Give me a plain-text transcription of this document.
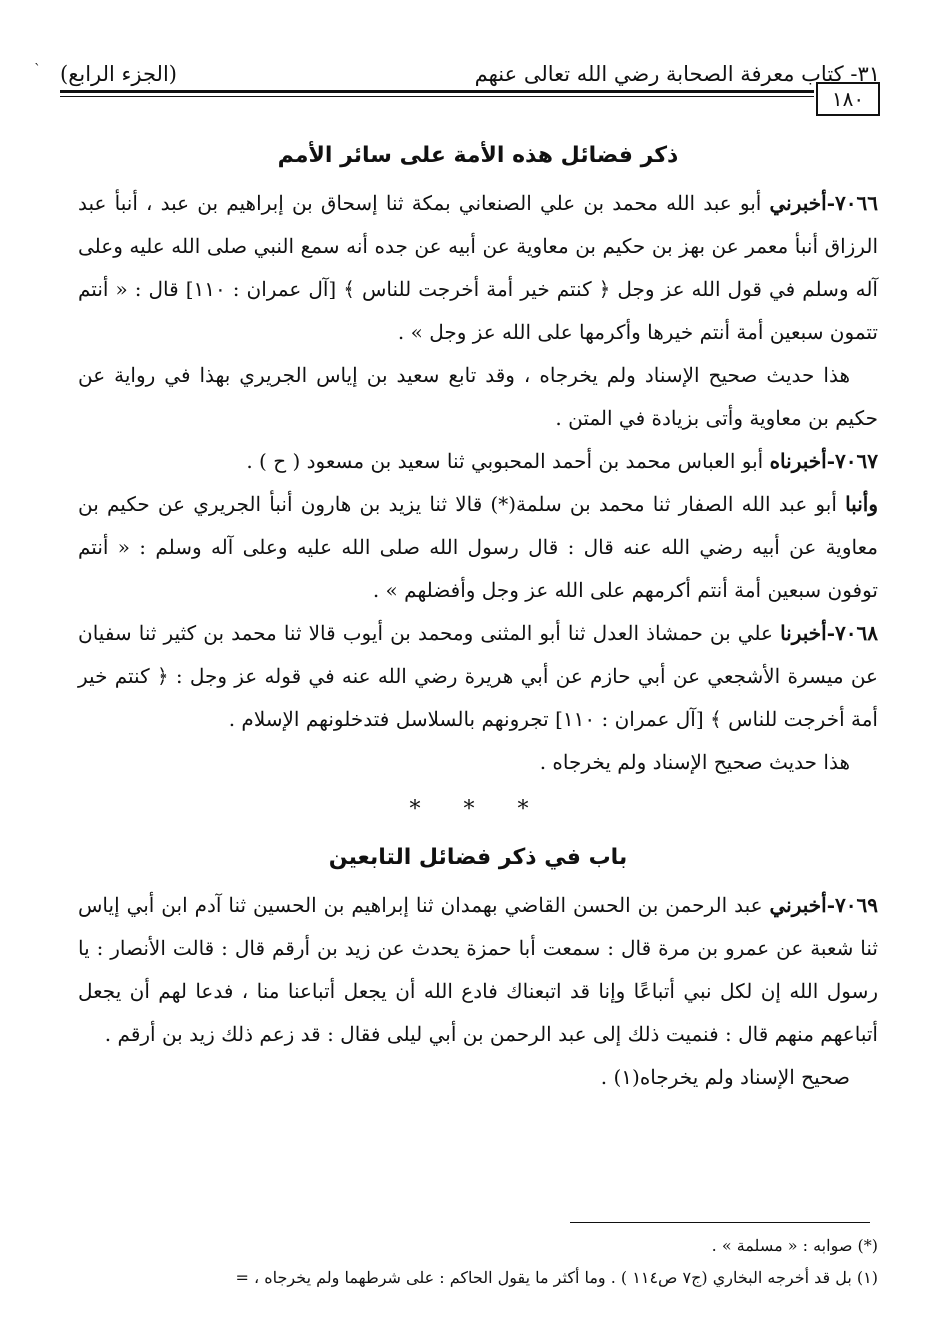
ˋ	٣١- كتاب معرفة الصحابة رضي الله تعالى عنهم
(الجزء الرابع)
١٨٠
ذكر فضائل هذه الأمة على سائر الأمم

٧٠٦٦-أخبرني أبو عبد الله محمد بن علي الصنعاني بمكة ثنا إسحاق بن إبراهيم بن عبد ، أنبأ عبد الرزاق أنبأ معمر عن بهز بن حكيم بن معاوية عن أبيه عن جده أنه سمع النبي صلى الله عليه وعلى آله وسلم في قول الله عز وجل ﴿ كنتم خير أمة أخرجت للناس ﴾ [آل عمران : ١١٠] قال : « أنتم تتمون سبعين أمة أنتم خيرها وأكرمها على الله عز وجل » .

هذا حديث صحيح الإسناد ولم يخرجاه ، وقد تابع سعيد بن إياس الجريري بهذا في رواية عن حكيم بن معاوية وأتى بزيادة في المتن .

٧٠٦٧-أخبرناه أبو العباس محمد بن أحمد المحبوبي ثنا سعيد بن مسعود ( ح ) .

وأنبا أبو عبد الله الصفار ثنا محمد بن سلمة(*) قالا ثنا يزيد بن هارون أنبأ الجريري عن حكيم بن معاوية عن أبيه رضي الله عنه قال : قال رسول الله صلى الله عليه وعلى آله وسلم : « أنتم توفون سبعين أمة أنتم أكرمهم على الله عز وجل وأفضلهم » .

٧٠٦٨-أخبرنا علي بن حمشاذ العدل ثنا أبو المثنى ومحمد بن أيوب قالا ثنا محمد بن كثير ثنا سفيان عن ميسرة الأشجعي عن أبي حازم عن أبي هريرة رضي الله عنه في قوله عز وجل : ﴿ كنتم خير أمة أخرجت للناس ﴾ [آل عمران : ١١٠] تجرونهم بالسلاسل فتدخلونهم الإسلام .

هذا حديث صحيح الإسناد ولم يخرجاه .

* * *
باب في ذكر فضائل التابعين

٧٠٦٩-أخبرني عبد الرحمن بن الحسن القاضي بهمدان ثنا إبراهيم بن الحسين ثنا آدم ابن أبي إياس ثنا شعبة عن عمرو بن مرة قال : سمعت أبا حمزة يحدث عن زيد بن أرقم قال : قالت الأنصار : يا رسول الله إن لكل نبي أتباعًا وإنا قد اتبعناك فادع الله أن يجعل أتباعنا منا ، فدعا لهم أن يجعل أتباعهم منهم قال : فنميت ذلك إلى عبد الرحمن بن أبي ليلى فقال : قد زعم ذلك زيد بن أرقم .

صحيح الإسناد ولم يخرجاه(١) .

(*) صوابه : « مسلمة » .
(١) بل قد أخرجه البخاري (ج٧ ص١١٤ ) . وما أكثر ما يقول الحاكم : على شرطهما ولم يخرجاه ، =
